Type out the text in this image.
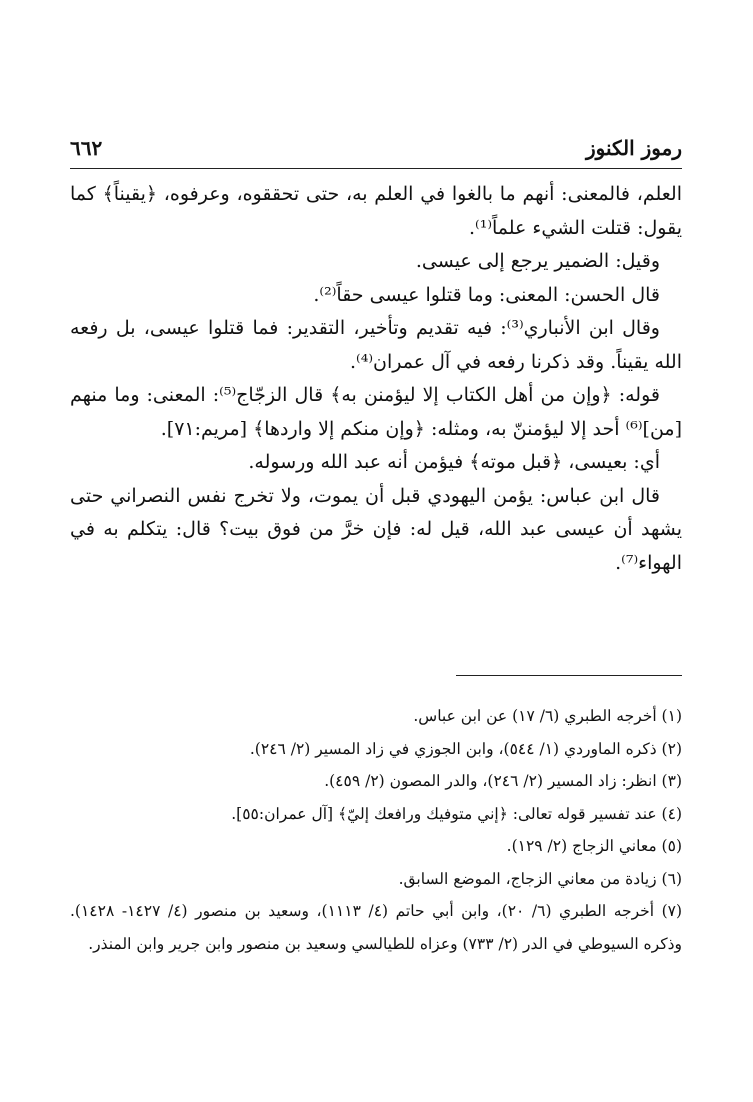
رموز الكنوز
٦٦٢

العلم، فالمعنى: أنهم ما بالغوا في العلم به، حتى تحققوه، وعرفوه، ﴿يقيناً﴾ كما يقول: قتلت الشيء علماً⁽¹⁾.

وقيل: الضمير يرجع إلى عيسى.

قال الحسن: المعنى: وما قتلوا عيسى حقاً⁽²⁾.

وقال ابن الأنباري⁽³⁾: فيه تقديم وتأخير، التقدير: فما قتلوا عيسى، بل رفعه الله يقيناً. وقد ذكرنا رفعه في آل عمران⁽⁴⁾.

قوله: ﴿وإن من أهل الكتاب إلا ليؤمنن به﴾ قال الزجّاج⁽⁵⁾: المعنى: وما منهم [من]⁽⁶⁾ أحد إلا ليؤمننّ به، ومثله: ﴿وإن منكم إلا واردها﴾ [مريم:٧١].

أي: بعيسى، ﴿قبل موته﴾ فيؤمن أنه عبد الله ورسوله.

قال ابن عباس: يؤمن اليهودي قبل أن يموت، ولا تخرج نفس النصراني حتى يشهد أن عيسى عبد الله، قيل له: فإن خرَّ من فوق بيت؟ قال: يتكلم به في الهواء⁽⁷⁾.

(١) أخرجه الطبري (٦/ ١٧) عن ابن عباس.

(٢) ذكره الماوردي (١/ ٥٤٤)، وابن الجوزي في زاد المسير (٢/ ٢٤٦).

(٣) انظر: زاد المسير (٢/ ٢٤٦)، والدر المصون (٢/ ٤٥٩).

(٤) عند تفسير قوله تعالى: ﴿إني متوفيك ورافعك إليّ﴾ [آل عمران:٥٥].

(٥) معاني الزجاج (٢/ ١٢٩).

(٦) زيادة من معاني الزجاج، الموضع السابق.

(٧) أخرجه الطبري (٦/ ٢٠)، وابن أبي حاتم (٤/ ١١١٣)، وسعيد بن منصور (٤/ ١٤٢٧- ١٤٢٨). وذكره السيوطي في الدر (٢/ ٧٣٣) وعزاه للطيالسي وسعيد بن منصور وابن جرير وابن المنذر.
